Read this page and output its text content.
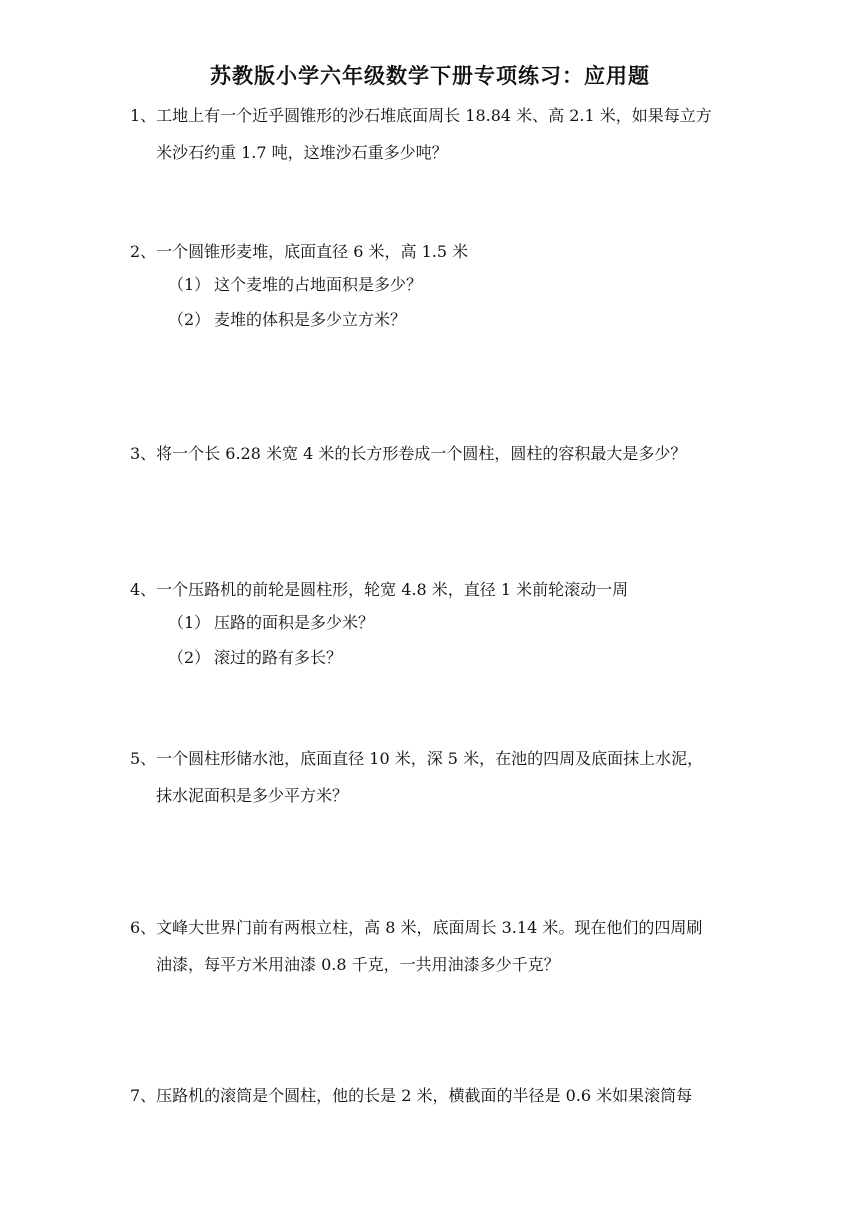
苏教版小学六年级数学下册专项练习：应用题
1、工地上有一个近乎圆锥形的沙石堆底面周长 18.84 米、高 2.1 米，如果每立方
米沙石约重 1.7 吨，这堆沙石重多少吨？
2、一个圆锥形麦堆，底面直径 6 米，高 1.5 米
（1） 这个麦堆的占地面积是多少？
（2） 麦堆的体积是多少立方米？
3、将一个长 6.28 米宽 4 米的长方形卷成一个圆柱，圆柱的容积最大是多少？
4、一个压路机的前轮是圆柱形，轮宽 4.8 米，直径 1 米前轮滚动一周
（1） 压路的面积是多少米？
（2） 滚过的路有多长？
5、一个圆柱形储水池，底面直径 10 米，深 5 米，在池的四周及底面抹上水泥，
抹水泥面积是多少平方米？
6、文峰大世界门前有两根立柱，高 8 米，底面周长 3.14 米。现在他们的四周刷
油漆，每平方米用油漆 0.8 千克，一共用油漆多少千克？
7、压路机的滚筒是个圆柱，他的长是 2 米，横截面的半径是 0.6 米如果滚筒每
